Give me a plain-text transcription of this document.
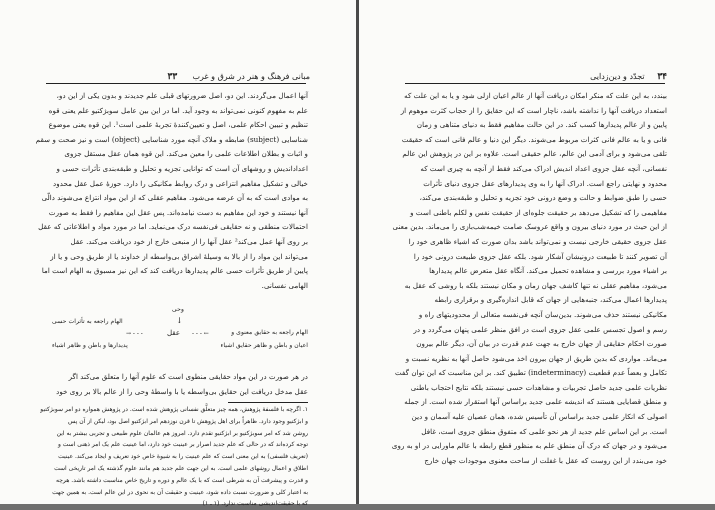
مبانی فرهنگ و هنر در شرق و غرب      ۳۳
آنها اعمال می‌گردند. این دو، اصل ضرورتهای قبلی علم جدیدند و بدون یکی از این دو،
علم به مفهوم کنونی نمی‌تواند به وجود آید. اما در این بین عامل سوبژکتیو علم یعنی قوه
تنظیم و تبیین احکام علمی، اصل و تعیین‌کنندهٔ تجربهٔ علمی است¹. این قوه یعنی موضوع
شناسایی (subject) ضابطه و ملاک آنچه مورد شناسایی (object) است و نیز صحت و سقم
و اثبات و بطلان اطلاعات علمی را معین می‌کند. این قوه همان عقل مستقل جزوی
اعداداندیش و روشهای آن است که توانایی تجزیه و تحلیل و طبقه‌بندی تأثرات حسی و
خیالی و تشکیل مفاهیم انتزاعی و درک روابط مکانیکی را دارد. حوزهٔ عمل عقل محدود
به موادی است که به آن عرضه می‌شود. مفاهیم عقلی که از این مواد انتزاع می‌شوند دالّی
آنها نیستند و خود این مفاهیم به دست نیامده‌اند. پس عقل این مفاهیم را فقط به صورت
احتمالات منطقی و نه حقایقی فی‌نفسه درک می‌نماید. اما در مورد مواد و اطلاعاتی که عقل
بر روی آنها عمل می‌کند² عقل آنها را از منبعی خارج از خود دریافت می‌کند. عقل
می‌تواند این مواد را از بالا به وسیلهٔ اشراق بی‌واسطه از خداوند یا از طریق وحی و یا از
پایین از طریق تأثرات حسی عالم پدیدارها دریافت کند که این نیز مسبوق به الهام است اما
الهامی نفسانی.
وحی
↓
عقل
- - - →	← - - -
الهام راجعه به تأثرات حسی
پدیدارها و باطن و ظاهر اشیاء
الهام راجعه به حقایق معنوی و
اعیان و باطن و ظاهر حقایق اشیاء
در هر صورت در این مواد حقایقی منطوی است که علوم آنها را متعلق می‌کند اگر
عقل مدخل دریافت این حقایق بی‌واسطه یا با واسطهٔ وحی را از عالم بالا بر روی خود
۱. اگرچه با فلسفهٔ پژوهش، همه چیز متعلَّق نفسانی پژوهش شده است. در پژوهش همواره دو امر سوبژکتیو
و ابژکتیو وجود دارد. ظاهراً برای اهل پژوهش تا قرن نوزدهم امر ابژکتیو اصل بود، لیکن از آن پس
روشن شد که امر سوبژکتیو بر ابژکتیو تقدم دارد. امروز هم عالمان علوم طبیعی و تجربی بیشتر به این
توجه کرده‌اند که در حالی که علم جدید اصرار بر عینیت خود دارد، اما عینیت علم یک امر ذهنی است و
(تعریف فلسفی) به این معنی است که علم عینیت را به شیوهٔ خاص خود تعریف و ایجاد می‌کند. عینیت
اطلاق و اعمال روشهای علمی است. به این جهت علم جدید هم مانند علوم گذشته یک امر تاریخی است
و قدرت و پیشرفت آن به شرطی است که با یک عالم و دوره و تاریخ خاص مناسبت داشته باشد. هرچه
به اعتبار کلی و ضرورت نسبت داده شود، عینیت و حقیقت آن به نحوی در این عالم است. به همین جهت
که با حقیقت‌اندیشی مناسبت ندارد. (۱ ـ ۱)
۳۴     تجدّد و دین‌زدایی
بیندد، به این علت که منکر امکان دریافت آنها از عالم اعیان ازلی شود و یا به این علت که
استعداد دریافت آنها را نداشته باشد، ناچار است که این حقایق را از حجاب کثرت موهوم از
پایین و از عالم پدیدارها کسب کند. در این حالت مفاهیم فقط به دنیای متناهی و زمان
فانی و یا به عالم فانی کثرات مربوط می‌شوند. دیگر این دنیا و عالم فانی است که حقیقت
تلقی می‌شود و برای آدمی این عالم، عالم حقیقی است. علاوه بر این در پژوهش این عالم
نفسانی، آنچه عقل جزوی اعداد اندیش ادراک می‌کند فقط از آنچه به چیزی است که
محدود و نهایتی راجع است. ادراک آنها را به وی پدیدارهای عقل جزوی دنیای تأثرات
حسی را طبق ضوابط و حالت و وضع درونی خود تجزیه و تحلیل و طبقه‌بندی می‌کند،
مفاهیمی را که تشکیل می‌دهد بر حقیقت جلوه‌ای از حقیقت نفس و لکلم باطنی است و
از این حیث در مورد دنیای بیرون و واقع عروسک صامت خیمه‌شب‌بازی را می‌ماند. بدین معنی
عقل جزوی حقیقی خارجی نیست و نمی‌تواند باشد بدان صورت که اشیاء ظاهری خود را
آن تصویر کنند تا طبیعت درونیشان آشکار شود. بلکه عقل جزوی طبیعت درونی خود را
بر اشیاء مورد بررسی و مشاهده تحمیل می‌کند. آنگاه عقل متعرض عالم پدیدارها
می‌شود، مفاهیم عقلی نه تنها کاشف جهان زمان و مکان نیستند بلکه با روشی که عقل به
پدیدارها اعمال می‌کند، جنبه‌هایی از جهان که قابل اندازه‌گیری و برقراری رابطه
مکانیکی نیستند حذف می‌شوند. بدین‌سان آنچه فی‌نفسه متعالی از محدودیتهای راه و
رسم و اصول تجسس علمی عقل جزوی است در افق منظر علمی پنهان می‌گردد و در
صورت احکام حقایقی از جهان خارج به جهت عدم قدرت در بیان آن، دیگر عالم بیرون
می‌ماند. مواردی که بدین طریق از جهان بیرون اخذ می‌شود حاصل آنها به نظریه نسبت و
تکامل و بعضاً عدم قطعیت (indeterminacy) تطبیق کند. بر این مناسبت که این توان گفت
نظریات علمی جدید حاصل تجربیات و مشاهدات حسی نیستند بلکه نتایج احتجاب باطنی
و منطق قضایایی هستند که اندیشه علمی جدید براساس آنها استقرار شده است. از جمله
اصولی که انکار علمی جدید براساس آن تأسیس شده، همان عصیان علیه آسمان و دین
است. بر این اساس علم جدید از هر نحو علمی که متفوق منطق جزوی است، غافل
می‌شود و در جهان که درک آن منطق علم به منظور قطع رابطه با عالم ماورایی در او به روی
خود می‌بندد از این روست که عقل با غفلت از ساحت معنوی موجودات جهان خارج
